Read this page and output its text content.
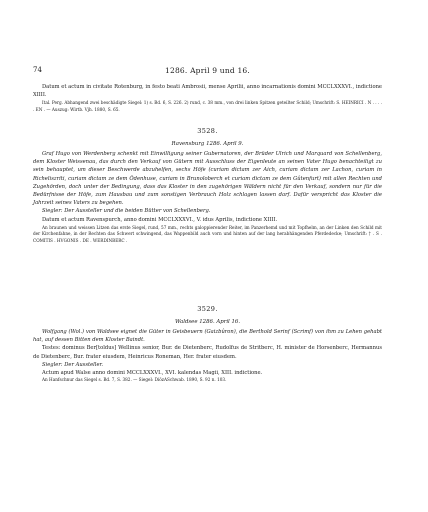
74	1286. April 9 und 16.

Datum et actum in civitate Rotenburg, in festo beati Ambrosii, mense Aprilii, anno incarnationis domini MCCLXXXVI., indictione XIIII.

Ital. Perg. Abhangend zwei beschädigte Siegel: 1) s. Bd. 6, S. 226. 2) rund, c. 38 mm., von drei linken Spitzen geteilter Schild; Umschrift: S. HEINRICI . N . . . . . EN . — Auszug: Wirtb. Vjh. 1880, S. 65.

3528.

Ravensburg 1286. April 9.

Graf Hugo von Werdenberg schenkt mit Einwilligung seiner Gubernatoren, der Brüder Ulrich und Marquard von Schellenberg, dem Kloster Weissenau, das durch den Verkauf von Gütern mit Ausschluss der Eigenleute an seinen Vater Hugo benachteiligt zu sein behauptet, um dieser Beschwerde abzuhelfen, sechs Höfe (curiam dictam zer Aich, curiam dictam zer Lachon, curiam in Richeliszriti, curiam dictam ze dem Ödenhuse, curiam in Brunoloberch et curiam dictam ze dem Gûtenfurt) mit allen Rechten und Zugehörden, doch unter der Bedingung, dass das Kloster in den zugehörigen Wäldern nicht für den Verkauf, sondern nur für die Bedürfnisse der Höfe, zum Hausbau und zum sonstigen Verbrauch Holz schlagen lassen darf. Dafür verspricht das Kloster die Jahrzeit seines Vaters zu begehen.

Siegler: Der Aussteller und die beiden Bütter von Schellenberg.

Datum et actum Ravenspurch, anno domini MCCLXXXVI., V. idus Aprilis, indictione XIIII.

An braunen und weissen Litzen das erste Siegel, rund, 57 mm., rechts galoppierender Reiter, im Panzerhemd und mit Topfhelm, an der Linken den Schild mit der Kirchenfahne, in der Rechten das Schwert schwingend, das Wappenbild auch vorn und hinten auf der lang herabhängenden Pferdedecke; Umschrift: † . S . COMITIS . HVGONIS . DE . WERDINBERC .

3529.

Waldsee 1286. April 16.

Wolfgang (Wol.) von Waldsee eignet die Güter in Geisbeuern (Gaizbûron), die Berthold Serinf (Scrimf) von ihm zu Lehen gehabt hat, auf dessen Bitten dem Kloster Baindt.

Testes: dominus Ber[toldus] Wellinus senior, Bur. de Dietenberc, Rudolfus de Stritberc, H. minister de Horsenberc, Hermannus de Dietenberc, Bur. frater eiusdem, Heinricus Roneman, Her. frater eiusdem.

Siegler: Der Aussteller.

Actum apud Walse anno domini MCCLXXXVI., XVI. kalendas Magii, XIII. indictione.

An Hanfschnur das Siegel s. Bd. 7, S. 382. — Siegel: DiözASchwab. 1890, S. 92 n. 103.
